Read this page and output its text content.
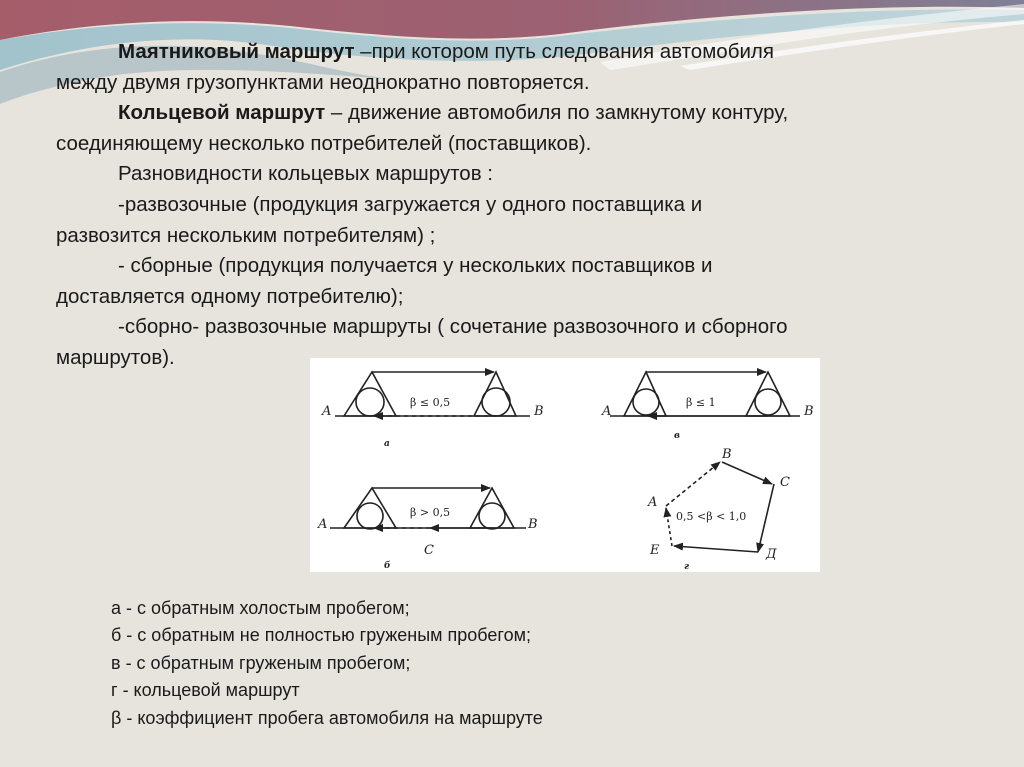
Маятниковый маршрут –при котором путь следования автомобиля

между двумя грузопунктами неоднократно повторяется.

Кольцевой маршрут – движение автомобиля по замкнутому контуру,

соединяющему несколько потребителей (поставщиков).

Разновидности кольцевых маршрутов :

-развозочные (продукция загружается у одного поставщика и

развозится нескольким потребителям) ;

- сборные (продукция получается у нескольких поставщиков и

доставляется одному потребителю);

-сборно- развозочные маршруты ( сочетание развозочного и сборного

маршрутов).

A	B
β ≤ 0,5
а
A	B
β > 0,5
C
б
A	B
β ≤ 1
в
A
B
C
Д
Е
0,5 <β < 1,0
г
а - с обратным холостым пробегом;
б - с обратным не полностью груженым пробегом;
в - с обратным груженым пробегом;
г - кольцевой маршрут
β - коэффициент пробега автомобиля на маршруте
